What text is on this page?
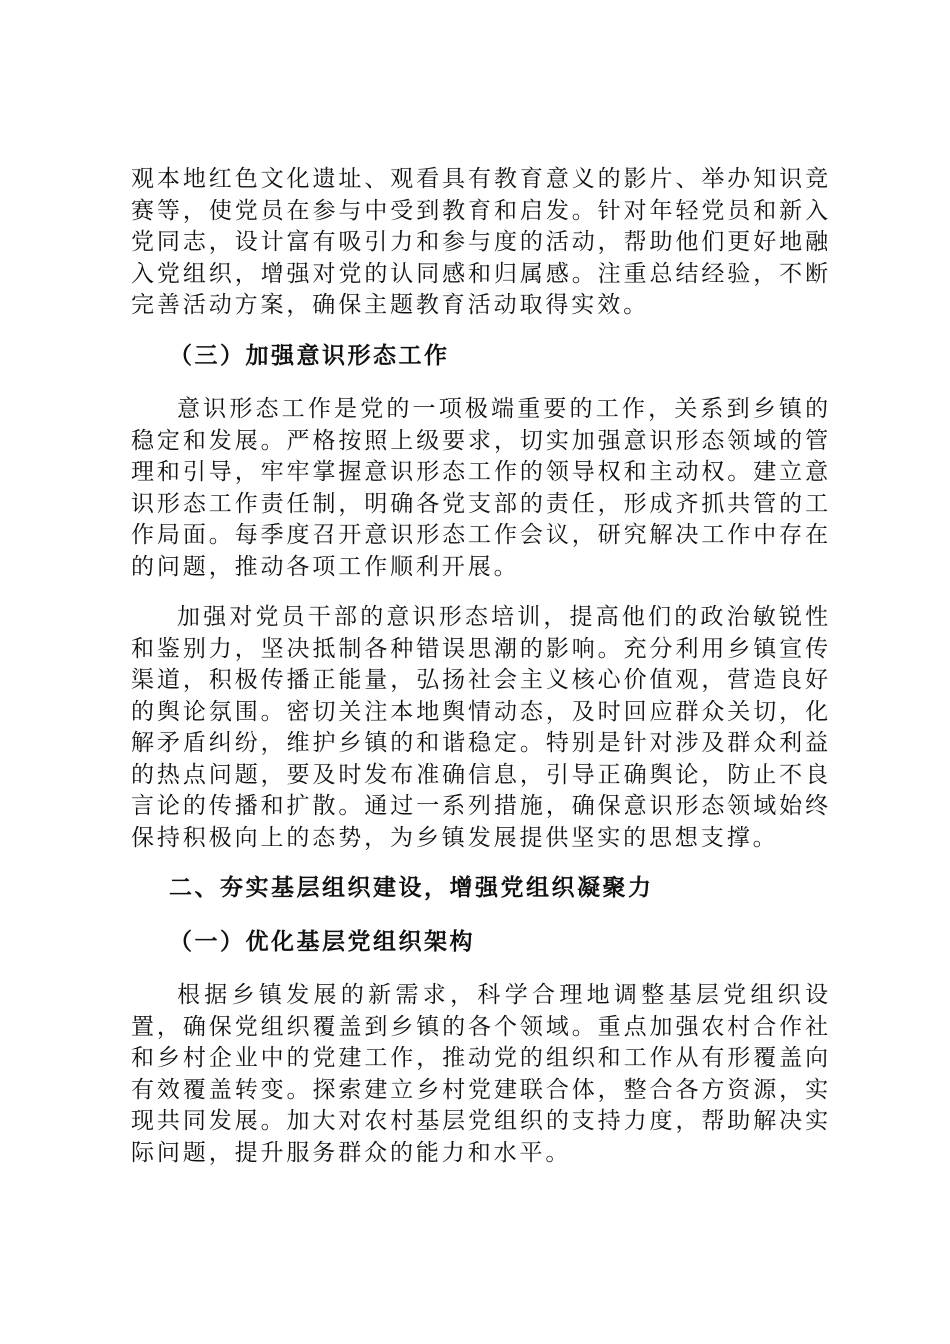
观本地红色文化遗址、观看具有教育意义的影片、举办知识竞赛等，使党员在参与中受到教育和启发。针对年轻党员和新入党同志，设计富有吸引力和参与度的活动，帮助他们更好地融入党组织，增强对党的认同感和归属感。注重总结经验，不断完善活动方案，确保主题教育活动取得实效。

（三）加强意识形态工作

意识形态工作是党的一项极端重要的工作，关系到乡镇的稳定和发展。严格按照上级要求，切实加强意识形态领域的管理和引导，牢牢掌握意识形态工作的领导权和主动权。建立意识形态工作责任制，明确各党支部的责任，形成齐抓共管的工作局面。每季度召开意识形态工作会议，研究解决工作中存在的问题，推动各项工作顺利开展。

加强对党员干部的意识形态培训，提高他们的政治敏锐性和鉴别力，坚决抵制各种错误思潮的影响。充分利用乡镇宣传渠道，积极传播正能量，弘扬社会主义核心价值观，营造良好的舆论氛围。密切关注本地舆情动态，及时回应群众关切，化解矛盾纠纷，维护乡镇的和谐稳定。特别是针对涉及群众利益的热点问题，要及时发布准确信息，引导正确舆论，防止不良言论的传播和扩散。通过一系列措施，确保意识形态领域始终保持积极向上的态势，为乡镇发展提供坚实的思想支撑。

二、夯实基层组织建设，增强党组织凝聚力
（一）优化基层党组织架构

根据乡镇发展的新需求，科学合理地调整基层党组织设置，确保党组织覆盖到乡镇的各个领域。重点加强农村合作社和乡村企业中的党建工作，推动党的组织和工作从有形覆盖向有效覆盖转变。探索建立乡村党建联合体，整合各方资源，实现共同发展。加大对农村基层党组织的支持力度，帮助解决实际问题，提升服务群众的能力和水平。
